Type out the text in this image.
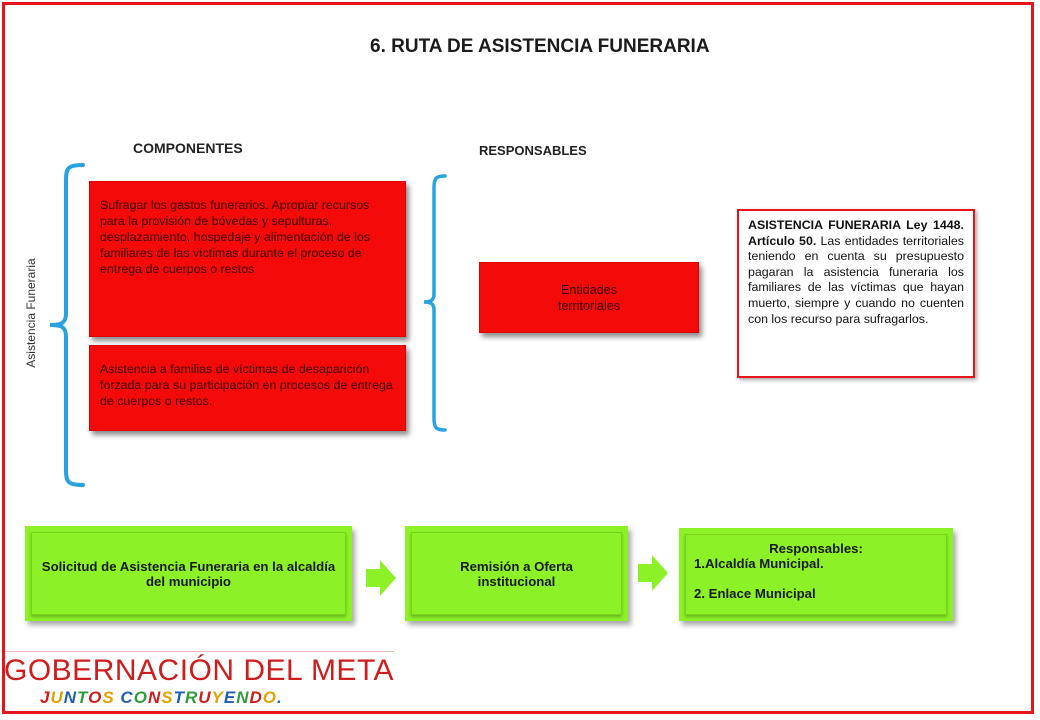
6. RUTA DE ASISTENCIA FUNERARIA
COMPONENTES	RESPONSABLES
Asistencia Funeraria
Sufragar los gastos funerarios. Apropiar recursos para la provisión de bóvedas y sepulturas, desplazamiento, hospedaje y alimentación de los familiares de las víctimas durante el proceso de entrega de cuerpos o restos
Asistencia a familias de víctimas de desaparición forzada para su participación en procesos de entrega de cuerpos o restos.
Entidades territoriales
ASISTENCIA FUNERARIA Ley 1448. Artículo 50. Las entidades territoriales teniendo en cuenta su presupuesto pagaran la asistencia funeraria los familiares de las víctimas que hayan muerto, siempre y cuando no cuenten con los recurso para sufragarlos.
Solicitud de Asistencia Funeraria en la alcaldía del municipio
Remisión a Oferta institucional
Responsables:
1.Alcaldía Municipal.
2. Enlace Municipal
GOBERNACIÓN DEL META
JUNTOS CONSTRUYENDO.
